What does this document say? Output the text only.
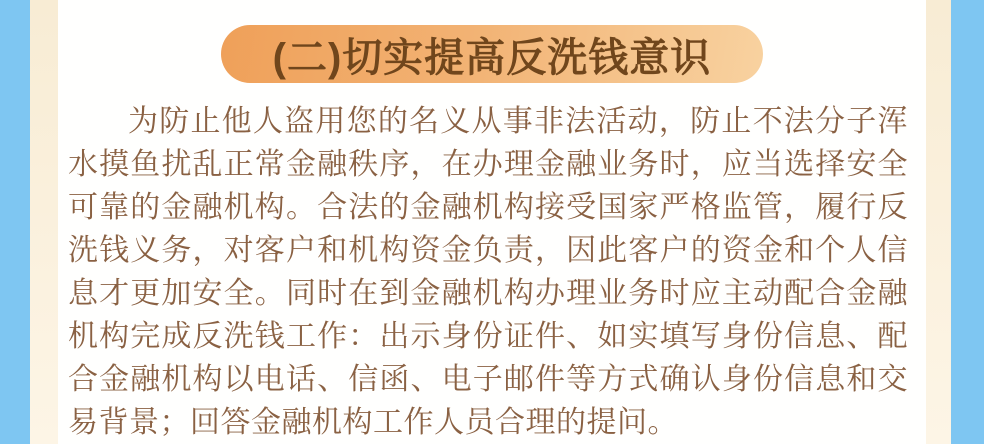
(二)切实提高反洗钱意识

为防止他人盗用您的名义从事非法活动，防止不法分子浑水摸鱼扰乱正常金融秩序，在办理金融业务时，应当选择安全可靠的金融机构。合法的金融机构接受国家严格监管，履行反洗钱义务，对客户和机构资金负责，因此客户的资金和个人信息才更加安全。同时在到金融机构办理业务时应主动配合金融机构完成反洗钱工作：出示身份证件、如实填写身份信息、配合金融机构以电话、信函、电子邮件等方式确认身份信息和交易背景；回答金融机构工作人员合理的提问。
